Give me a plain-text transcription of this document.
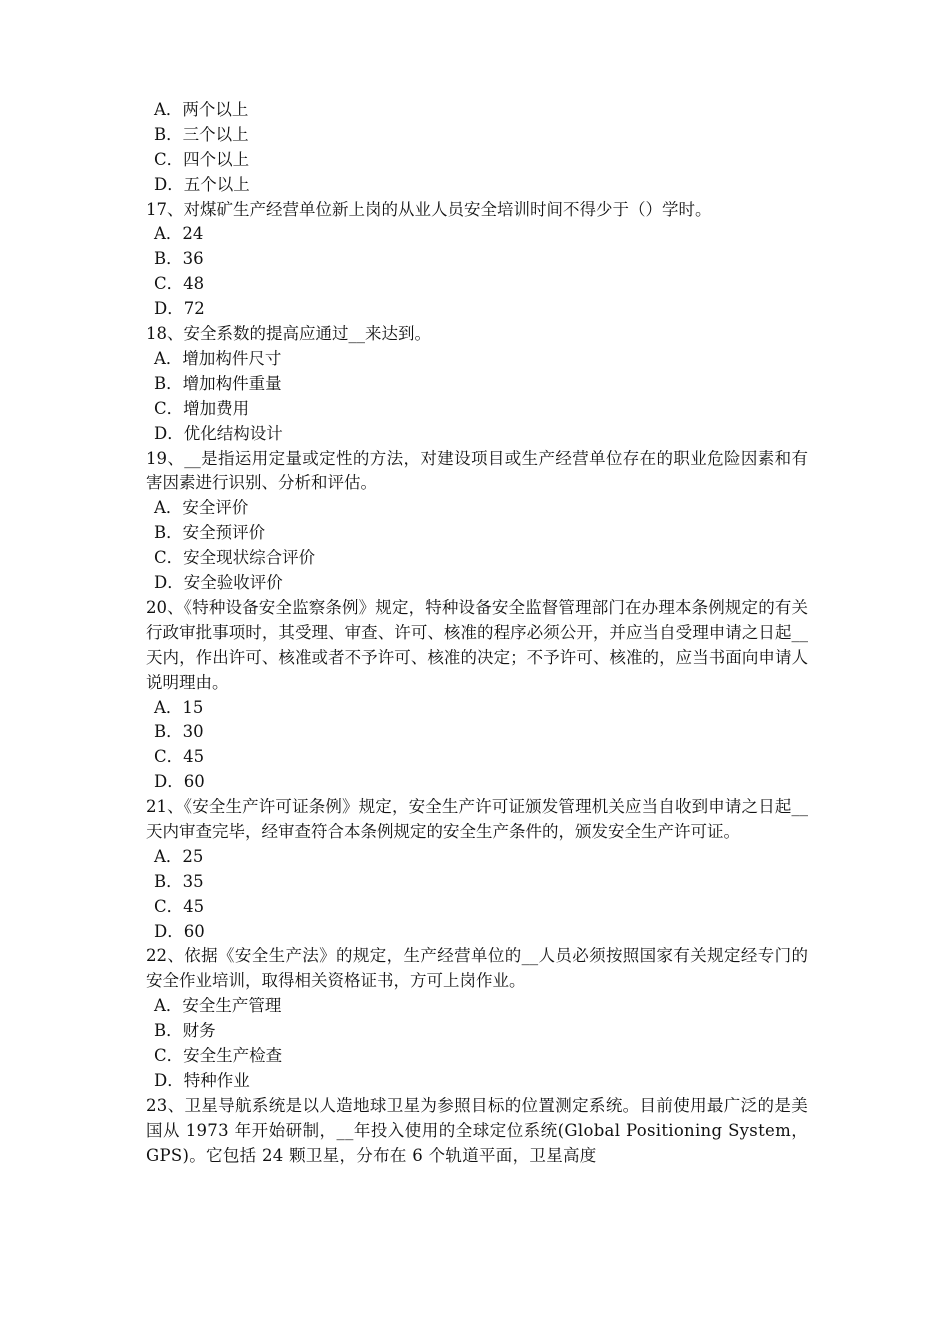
A．两个以上
B．三个以上
C．四个以上
D．五个以上
17、对煤矿生产经营单位新上岗的从业人员安全培训时间不得少于（）学时。
A．24
B．36
C．48
D．72
18、安全系数的提高应通过__来达到。
A．增加构件尺寸
B．增加构件重量
C．增加费用
D．优化结构设计
19、__是指运用定量或定性的方法，对建设项目或生产经营单位存在的职业危险因素和有害因素进行识别、分析和评估。
A．安全评价
B．安全预评价
C．安全现状综合评价
D．安全验收评价
20、《特种设备安全监察条例》规定，特种设备安全监督管理部门在办理本条例规定的有关行政审批事项时，其受理、审查、许可、核准的程序必须公开，并应当自受理申请之日起__天内，作出许可、核准或者不予许可、核准的决定；不予许可、核准的，应当书面向申请人说明理由。
A．15
B．30
C．45
D．60
21、《安全生产许可证条例》规定，安全生产许可证颁发管理机关应当自收到申请之日起__天内审查完毕，经审查符合本条例规定的安全生产条件的，颁发安全生产许可证。
A．25
B．35
C．45
D．60
22、依据《安全生产法》的规定，生产经营单位的__人员必须按照国家有关规定经专门的安全作业培训，取得相关资格证书，方可上岗作业。
A．安全生产管理
B．财务
C．安全生产检查
D．特种作业
23、卫星导航系统是以人造地球卫星为参照目标的位置测定系统。目前使用最广泛的是美国从 1973 年开始研制，__年投入使用的全球定位系统(Global Positioning System，GPS)。它包括 24 颗卫星，分布在 6 个轨道平面，卫星高度
